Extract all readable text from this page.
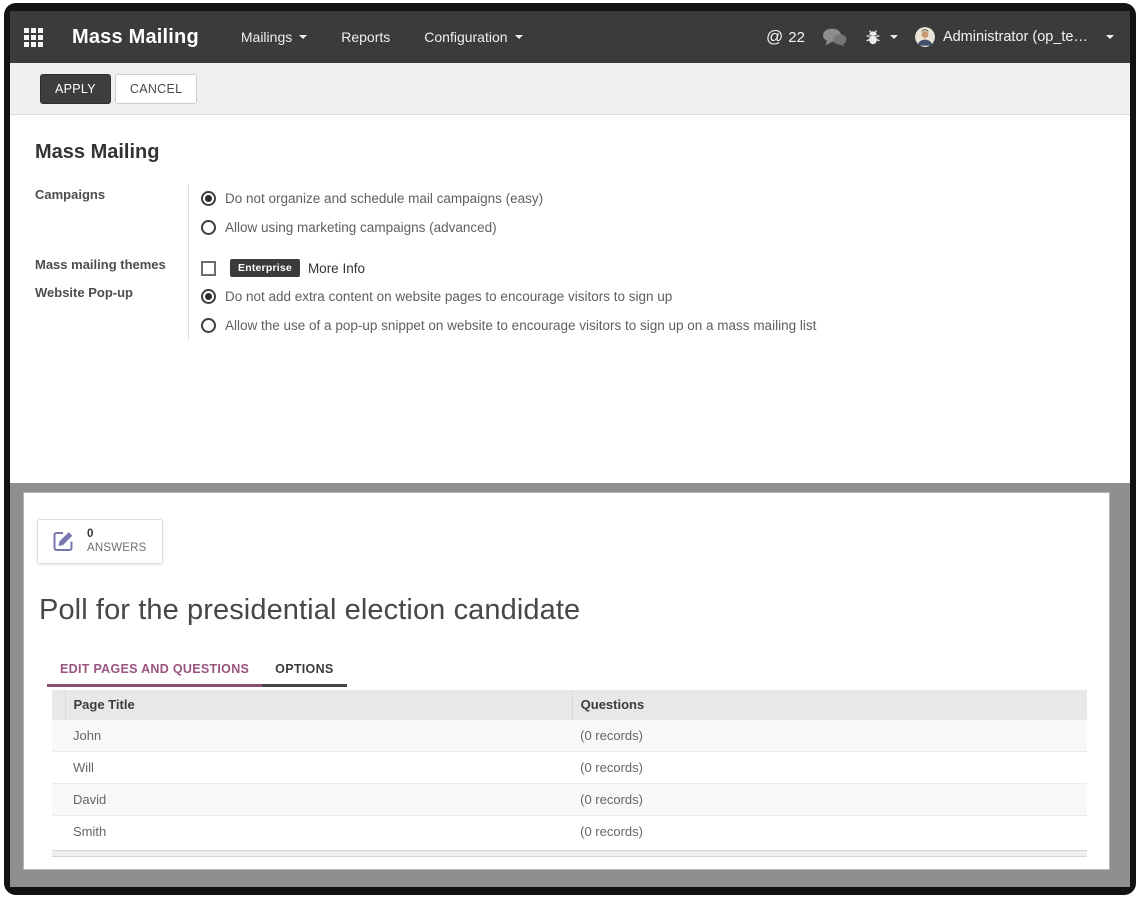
Mass Mailing	Mailings	Reports Configuration	@ 22	Administrator (op_te…
APPLY	CANCEL
Mass Mailing
Campaigns	Do not organize and schedule mail campaigns (easy)
Allow using marketing campaigns (advanced)
Mass mailing themes	Enterprise	More Info
Website Pop-up	Do not add extra content on website pages to encourage visitors to sign up
Allow the use of a pop-up snippet on website to encourage visitors to sign up on a mass mailing list
0
ANSWERS
Poll for the presidential election candidate
EDIT PAGES AND QUESTIONS	OPTIONS
	Page Title	Questions
	John	(0 records)
	Will	(0 records)
	David	(0 records)
	Smith	(0 records)
